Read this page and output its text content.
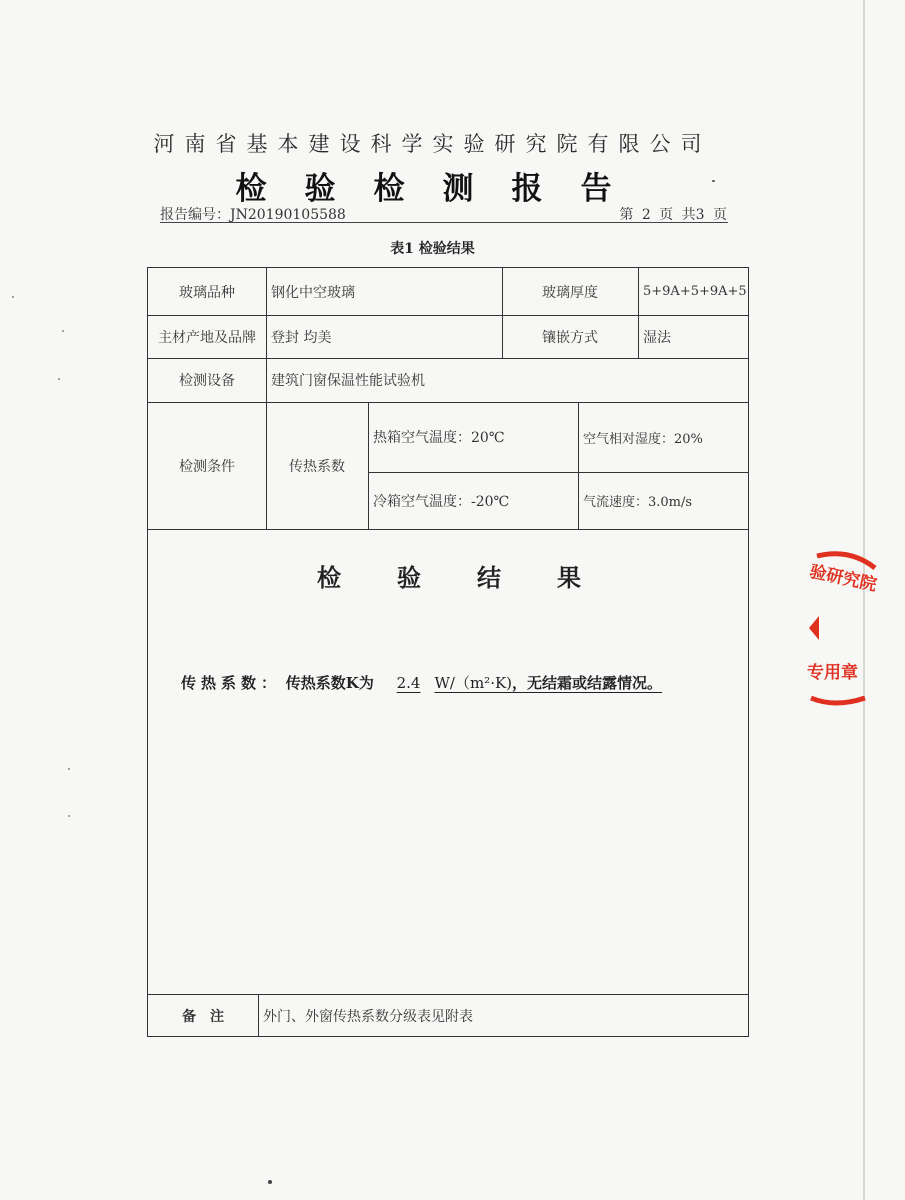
河南省基本建设科学实验研究院有限公司
检验检测报告
报告编号：JN20190105588	第 2 页 共3 页
表1 检验结果
玻璃品种	钢化中空玻璃	玻璃厚度	5+9A+5+9A+5
主材产地及品牌	登封 均美	镶嵌方式	湿法
检测设备	建筑门窗保温性能试验机
检测条件	传热系数
热箱空气温度：20℃	空气相对湿度：20%
冷箱空气温度：-20℃	气流速度：3.0m/s
检验结果
传热系数： 传热系数K为 2.4 W/（m²·K)，无结霜或结露情况。
备注	外门、外窗传热系数分级表见附表
验研究院
专用章
